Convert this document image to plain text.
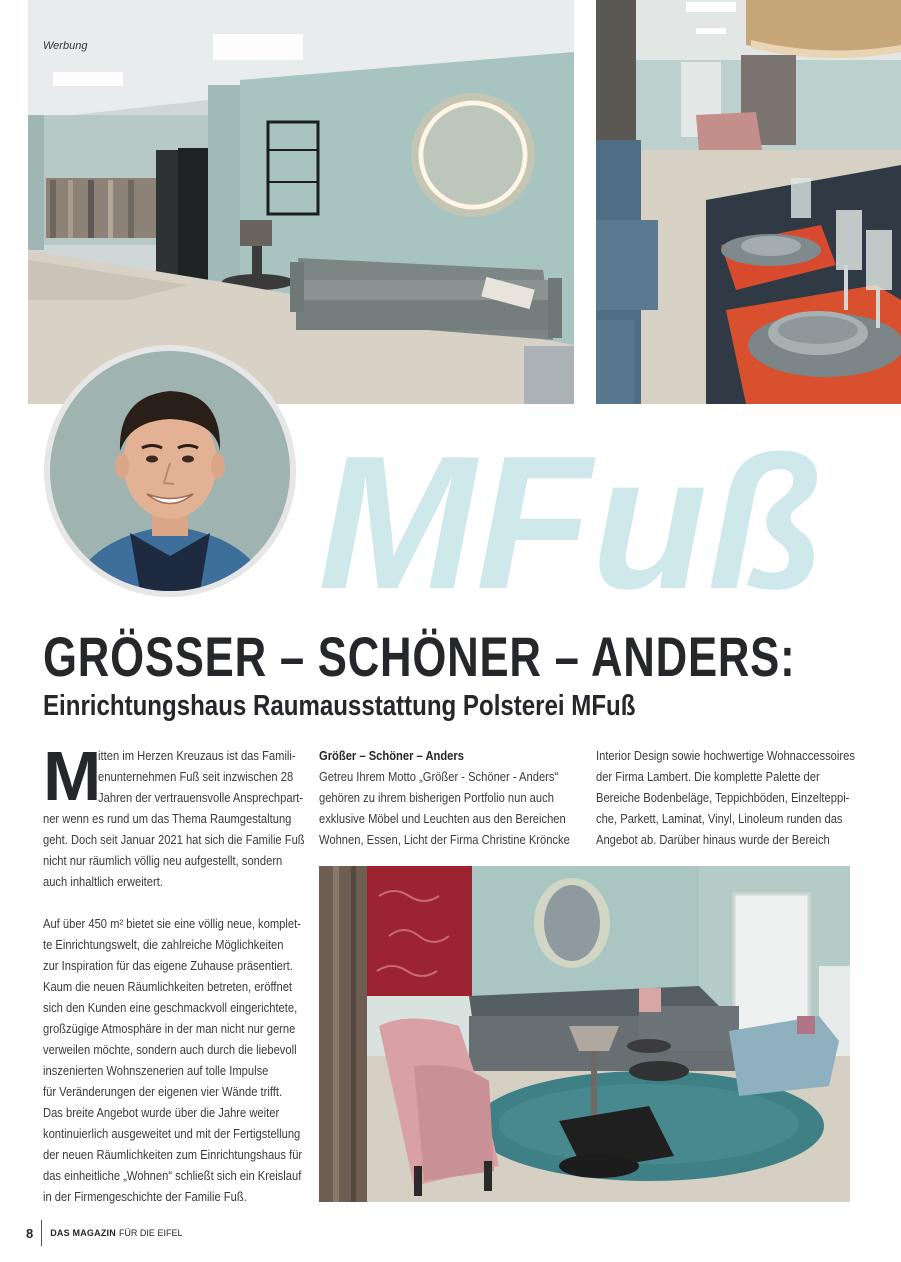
Werbung
MFuß
GRÖSSER – SCHÖNER – ANDERS:
Einrichtungshaus Raumausstattung Polsterei MFuß
M
itten im Herzen Kreuzaus ist das Famili-
enunternehmen Fuß seit inzwischen 28
Jahren der vertrauensvolle Ansprechpart-
ner wenn es rund um das Thema Raumgestaltung
geht. Doch seit Januar 2021 hat sich die Familie Fuß
nicht nur räumlich völlig neu aufgestellt, sondern
auch inhaltlich erweitert.
Auf über 450 m² bietet sie eine völlig neue, komplet-
te Einrichtungswelt, die zahlreiche Möglichkeiten
zur Inspiration für das eigene Zuhause präsentiert.
Kaum die neuen Räumlichkeiten betreten, eröffnet
sich den Kunden eine geschmackvoll eingerichtete,
großzügige Atmosphäre in der man nicht nur gerne
verweilen möchte, sondern auch durch die liebevoll
inszenierten Wohnszenerien auf tolle Impulse
für Veränderungen der eigenen vier Wände trifft.
Das breite Angebot wurde über die Jahre weiter
kontinuierlich ausgeweitet und mit der Fertigstellung
der neuen Räumlichkeiten zum Einrichtungshaus für
das einheitliche „Wohnen“ schließt sich ein Kreislauf
in der Firmengeschichte der Familie Fuß.
Größer – Schöner – Anders
Getreu Ihrem Motto „Größer - Schöner - Anders“
gehören zu ihrem bisherigen Portfolio nun auch
exklusive Möbel und Leuchten aus den Bereichen
Wohnen, Essen, Licht der Firma Christine Kröncke
Interior Design sowie hochwertige Wohnaccessoires
der Firma Lambert. Die komplette Palette der
Bereiche Bodenbeläge, Teppichböden, Einzelteppi-
che, Parkett, Laminat, Vinyl, Linoleum runden das
Angebot ab. Darüber hinaus wurde der Bereich
8 DAS MAGAZIN FÜR DIE EIFEL
